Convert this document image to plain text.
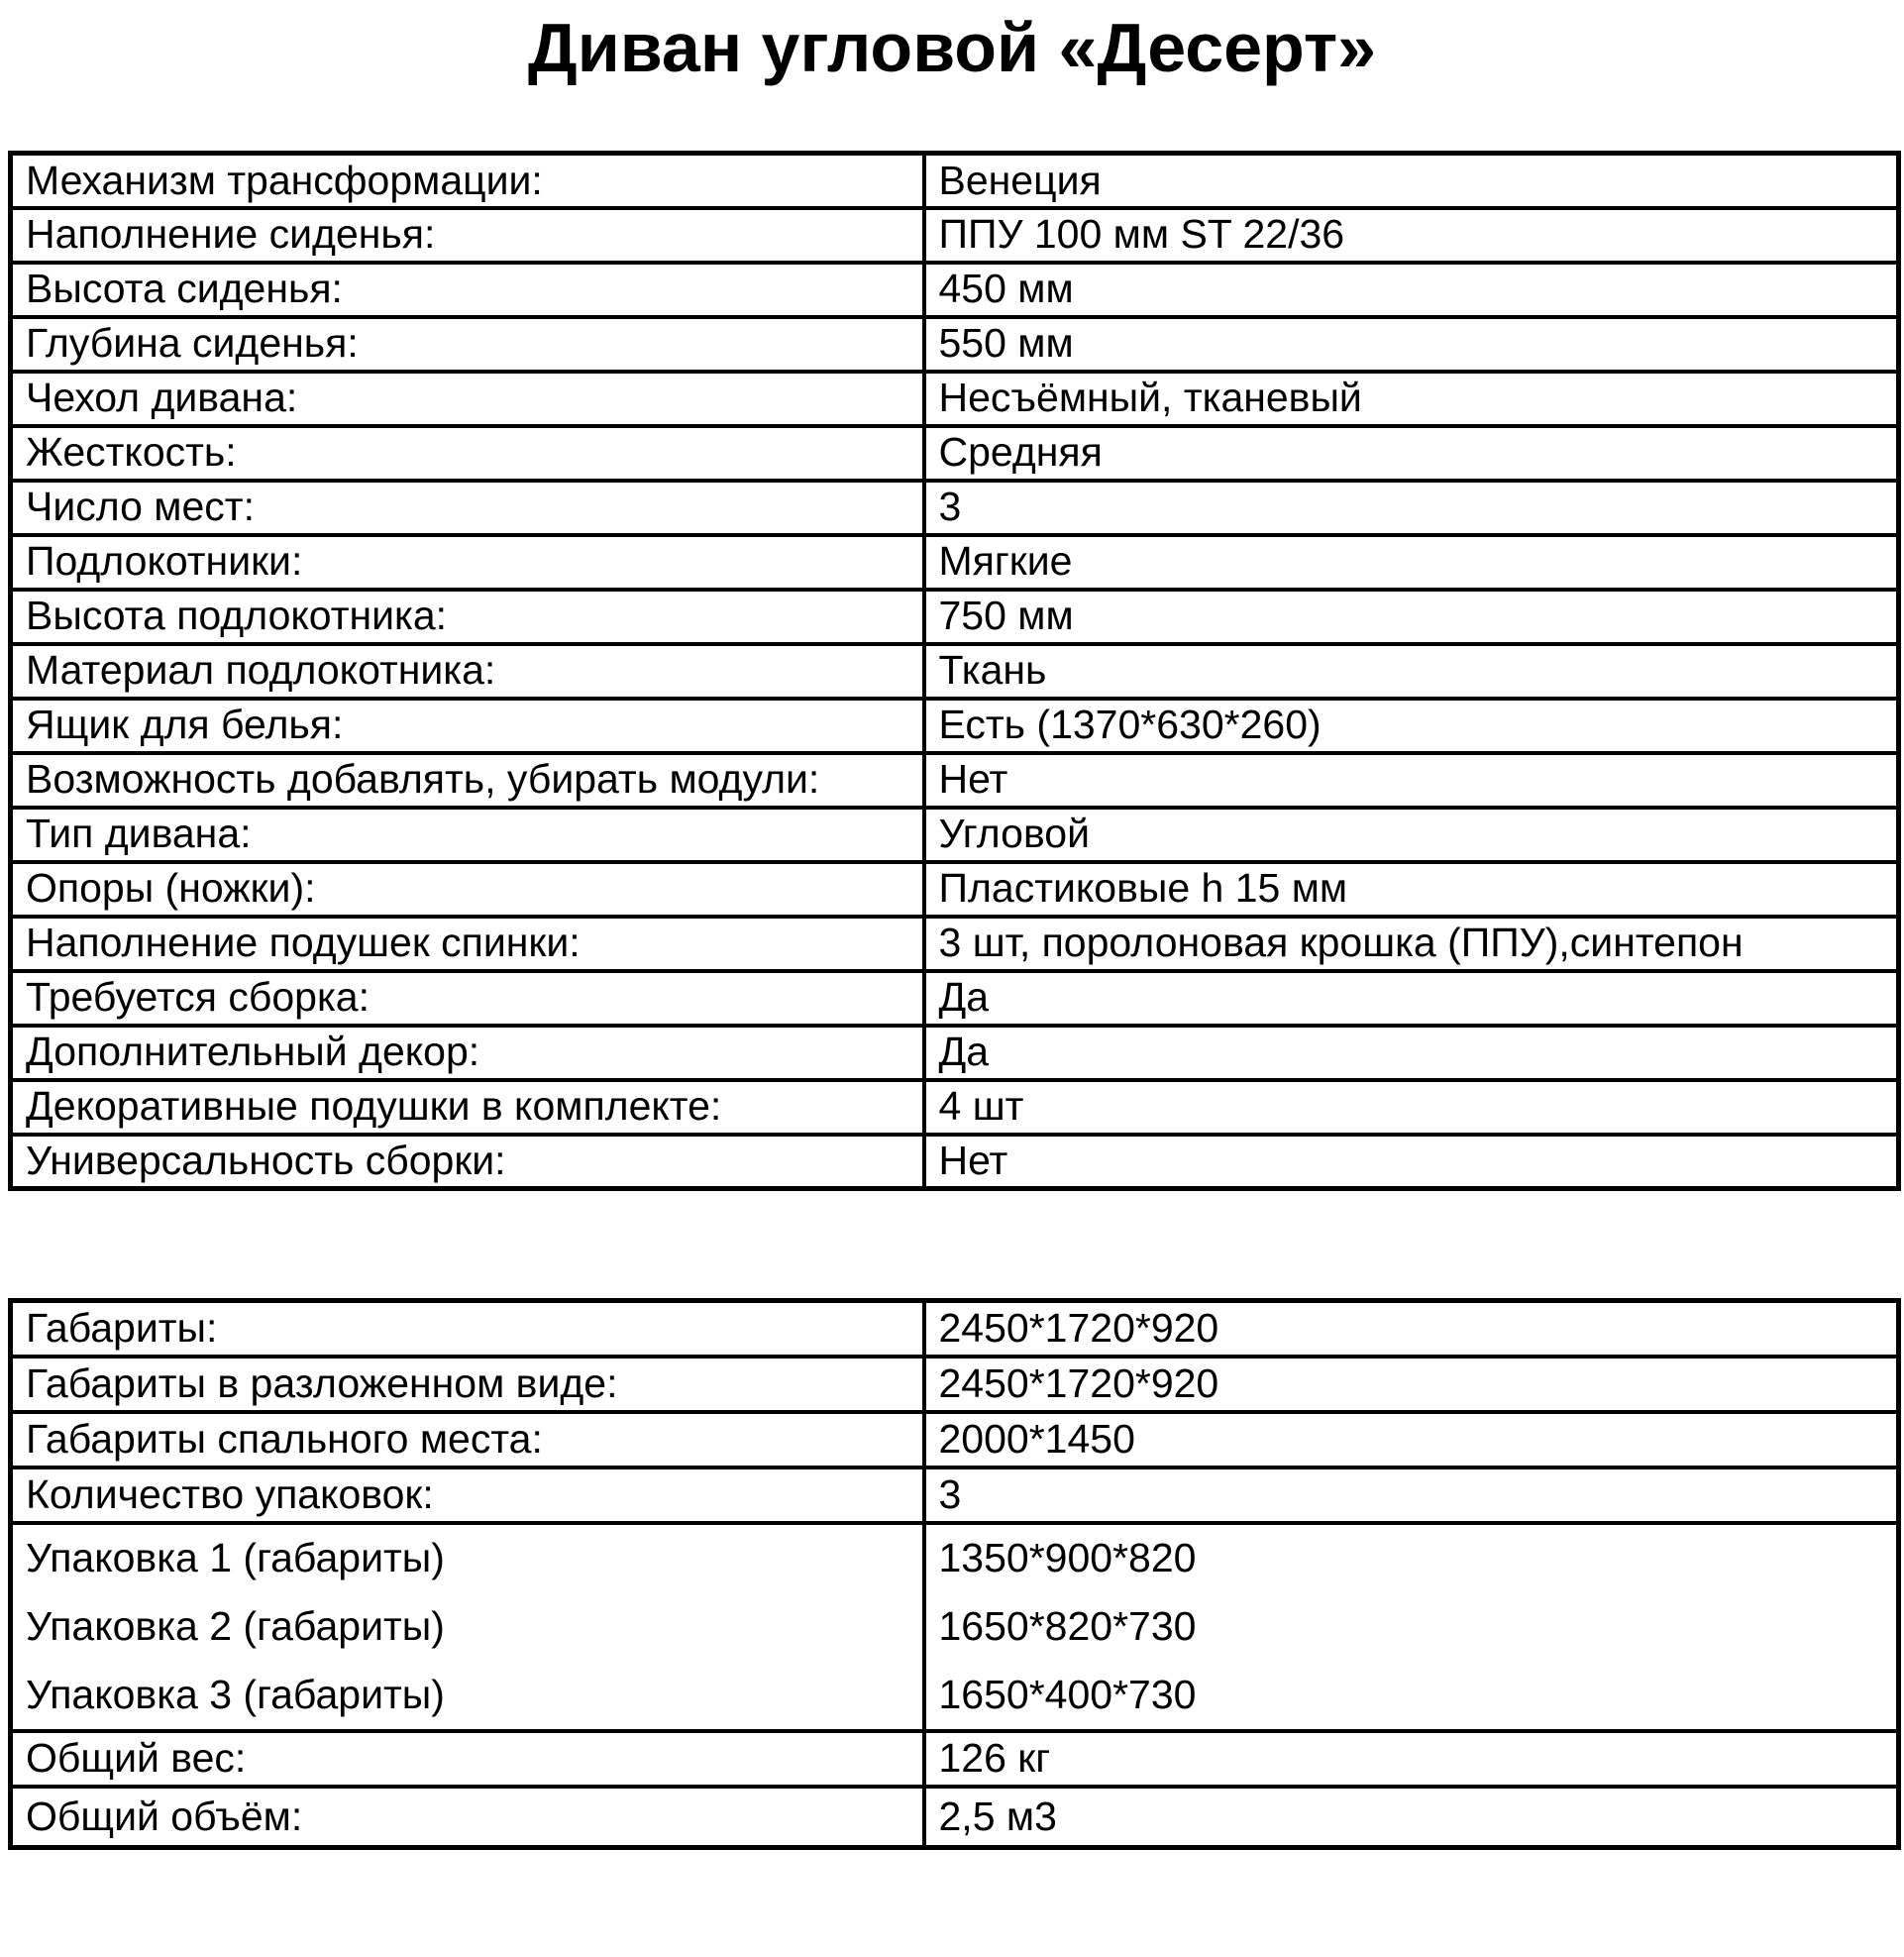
Диван угловой «Десерт»
Механизм трансформации:	Венеция
Наполнение сиденья:	ППУ 100 мм ST 22/36
Высота сиденья:	450 мм
Глубина сиденья:	550 мм
Чехол дивана:	Несъёмный, тканевый
Жесткость:	Средняя
Число мест:	3
Подлокотники:	Мягкие
Высота подлокотника:	750 мм
Материал подлокотника:	Ткань
Ящик для белья:	Есть (1370*630*260)
Возможность добавлять, убирать модули:	Нет
Тип дивана:	Угловой
Опоры (ножки):	Пластиковые h 15 мм
Наполнение подушек спинки:	3 шт, поролоновая крошка (ППУ),синтепон
Требуется сборка:	Да
Дополнительный декор:	Да
Декоративные подушки в комплекте:	4 шт
Универсальность сборки:	Нет
Габариты:	2450*1720*920
Габариты в разложенном виде:	2450*1720*920
Габариты спального места:	2000*1450
Количество упаковок:	3
Упаковка 1 (габариты)	1350*900*820
Упаковка 2 (габариты)	1650*820*730
Упаковка 3 (габариты)	1650*400*730
Общий вес:	126 кг
Общий объём:	2,5 м3
